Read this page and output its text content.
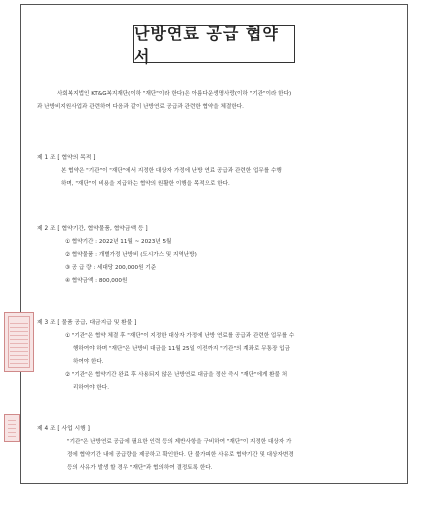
난방연료 공급 협약서
사회복지법인 KT&G복지재단(이하 "재단"이라 한다)은 아름다운생명사랑(이하 "기관"이라 한다)
과 난방비지원사업과 관련하여 다음과 같이 난방연료 공급과 관련한 협약을 체결한다.
제 1 조 [ 협약의 목적 ]
본 협약은 "기관"이 "재단"에서 지정한 대상자 가정에 난방 연료 공급과 관련한 업무를 수행
하며, "재단"이 비용을 지급하는 협약의 원활한 이행을 목적으로 한다.
제 2 조 [ 협약기간, 협약물품, 협약금액 등 ]
① 협약기간 : 2022년 11월 ~ 2023년 5월
② 협약물품 : 개별가정 난방비 (도시가스 및 지역난방)
③ 공 급 량 : 세대당 200,000원 기준
④ 협약금액 : 800,000원
제 3 조 [ 물품 공급, 대금지급 및 환불 ]
① "기관"은 협약 체결 후 "재단"이 지정한 대상자 가정에 난방 연료를 공급과 관련한 업무를 수
행하여야 하며 "재단"은 난방비 대금을 11월 25일 이전까지 "기관"의 계좌로 무통장 입금
하여야 한다.
② "기관"은 협약기간 완료 후 사용되지 않은 난방연료 대금을 정산 즉시 "재단"에게 환불 처
리하여야 한다.
제 4 조 [ 사업 시행 ]
"기관"은 난방연료 공급에 필요한 인력 등의 제반사항을 구비하여 "재단"이 지정한 대상자 가
정에 협약기간 내에 공급량을 제공하고 확인한다. 단 불가피한 사유로 협약기간 및 대상자변경
등의 사유가 발생 할 경우 "재단"과 협의하여 결정토록 한다.
